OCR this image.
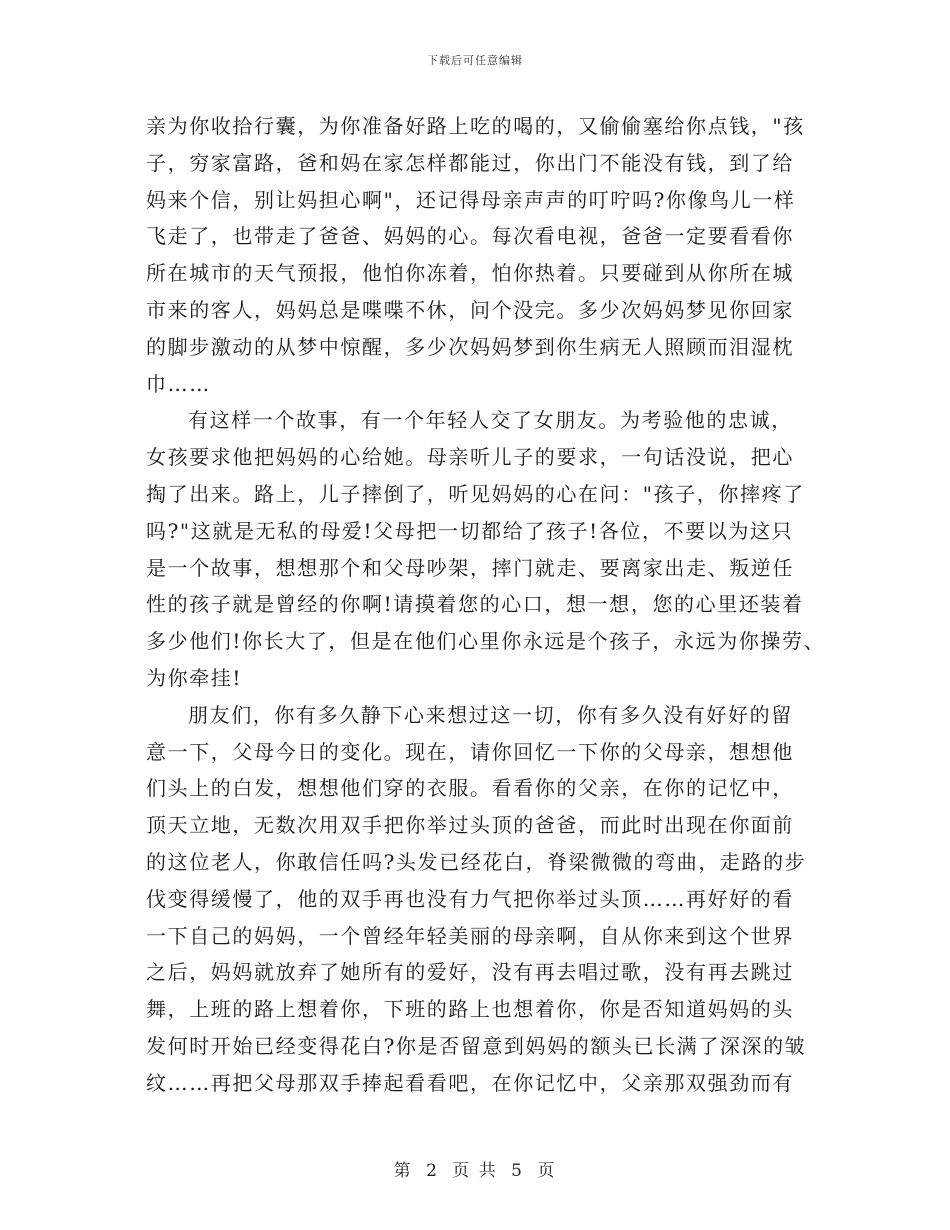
下载后可任意编辑
亲为你收拾行囊，为你准备好路上吃的喝的，又偷偷塞给你点钱，"孩
子，穷家富路，爸和妈在家怎样都能过，你出门不能没有钱，到了给
妈来个信，别让妈担心啊"，还记得母亲声声的叮咛吗?你像鸟儿一样
飞走了，也带走了爸爸、妈妈的心。每次看电视，爸爸一定要看看你
所在城市的天气预报，他怕你冻着，怕你热着。只要碰到从你所在城
市来的客人，妈妈总是喋喋不休，问个没完。多少次妈妈梦见你回家
的脚步激动的从梦中惊醒，多少次妈妈梦到你生病无人照顾而泪湿枕
巾……
有这样一个故事，有一个年轻人交了女朋友。为考验他的忠诚，
女孩要求他把妈妈的心给她。母亲听儿子的要求，一句话没说，把心
掏了出来。路上，儿子摔倒了，听见妈妈的心在问："孩子，你摔疼了
吗?"这就是无私的母爱!父母把一切都给了孩子!各位，不要以为这只
是一个故事，想想那个和父母吵架，摔门就走、要离家出走、叛逆任
性的孩子就是曾经的你啊!请摸着您的心口，想一想，您的心里还装着
多少他们!你长大了，但是在他们心里你永远是个孩子，永远为你操劳、
为你牵挂!
朋友们，你有多久静下心来想过这一切，你有多久没有好好的留
意一下，父母今日的变化。现在，请你回忆一下你的父母亲，想想他
们头上的白发，想想他们穿的衣服。看看你的父亲，在你的记忆中，
顶天立地，无数次用双手把你举过头顶的爸爸，而此时出现在你面前
的这位老人，你敢信任吗?头发已经花白，脊梁微微的弯曲，走路的步
伐变得缓慢了，他的双手再也没有力气把你举过头顶……再好好的看
一下自己的妈妈，一个曾经年轻美丽的母亲啊，自从你来到这个世界
之后，妈妈就放弃了她所有的爱好，没有再去唱过歌，没有再去跳过
舞，上班的路上想着你，下班的路上也想着你，你是否知道妈妈的头
发何时开始已经变得花白?你是否留意到妈妈的额头已长满了深深的皱
纹……再把父母那双手捧起看看吧，在你记忆中，父亲那双强劲而有
第 2 页 共 5 页
